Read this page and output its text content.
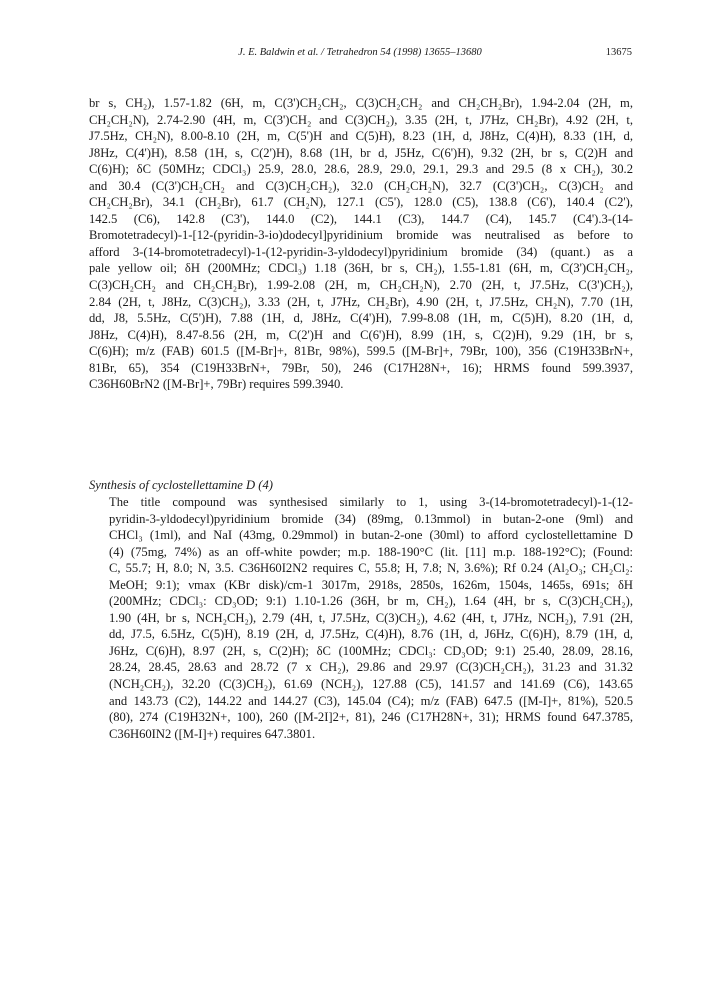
J. E. Baldwin et al. / Tetrahedron 54 (1998) 13655–13680	13675
br s, CH₂), 1.57-1.82 (6H, m, C(3')CH₂CH₂, C(3)CH₂CH₂ and CH₂CH₂Br), 1.94-2.04 (2H, m,
CH₂CH₂N), 2.74-2.90 (4H, m, C(3')CH₂ and C(3)CH₂), 3.35 (2H, t, J7Hz, CH₂Br), 4.92 (2H, t,
J7.5Hz, CH₂N), 8.00-8.10 (2H, m, C(5')H and C(5)H), 8.23 (1H, d, J8Hz, C(4)H), 8.33 (1H, d,
J8Hz, C(4')H), 8.58 (1H, s, C(2')H), 8.68 (1H, br d, J5Hz, C(6')H), 9.32 (2H, br s, C(2)H and
C(6)H); δC (50MHz; CDCl₃) 25.9, 28.0, 28.6, 28.9, 29.0, 29.1, 29.3 and 29.5 (8 x CH₂), 30.2
and 30.4 (C(3')CH₂CH₂ and C(3)CH₂CH₂), 32.0 (CH₂CH₂N), 32.7 (C(3')CH₂, C(3)CH₂ and
CH₂CH₂Br), 34.1 (CH₂Br), 61.7 (CH₂N), 127.1 (C5'), 128.0 (C5), 138.8 (C6'), 140.4 (C2'),
142.5 (C6), 142.8 (C3'), 144.0 (C2), 144.1 (C3), 144.7 (C4), 145.7 (C4').3-(14-
Bromotetradecyl)-1-[12-(pyridin-3-io)dodecyl]pyridinium bromide was neutralised as before to
afford 3-(14-bromotetradecyl)-1-(12-pyridin-3-yldodecyl)pyridinium bromide (34) (quant.) as a
pale yellow oil; δH (200MHz; CDCl₃) 1.18 (36H, br s, CH₂), 1.55-1.81 (6H, m, C(3')CH₂CH₂,
C(3)CH₂CH₂ and CH₂CH₂Br), 1.99-2.08 (2H, m, CH₂CH₂N), 2.70 (2H, t, J7.5Hz, C(3')CH₂),
2.84 (2H, t, J8Hz, C(3)CH₂), 3.33 (2H, t, J7Hz, CH₂Br), 4.90 (2H, t, J7.5Hz, CH₂N), 7.70 (1H,
dd, J8, 5.5Hz, C(5')H), 7.88 (1H, d, J8Hz, C(4')H), 7.99-8.08 (1H, m, C(5)H), 8.20 (1H, d,
J8Hz, C(4)H), 8.47-8.56 (2H, m, C(2')H and C(6')H), 8.99 (1H, s, C(2)H), 9.29 (1H, br s,
C(6)H); m/z (FAB) 601.5 ([M-Br]+, 81Br, 98%), 599.5 ([M-Br]+, 79Br, 100), 356 (C19H33BrN+,
81Br, 65), 354 (C19H33BrN+, 79Br, 50), 246 (C17H28N+, 16); HRMS found 599.3937,
C36H60BrN2 ([M-Br]+, 79Br) requires 599.3940.
Synthesis of cyclostellettamine D (4)
The title compound was synthesised similarly to 1, using 3-(14-bromotetradecyl)-1-(12-
pyridin-3-yldodecyl)pyridinium bromide (34) (89mg, 0.13mmol) in butan-2-one (9ml) and
CHCl₃ (1ml), and NaI (43mg, 0.29mmol) in butan-2-one (30ml) to afford cyclostellettamine D
(4) (75mg, 74%) as an off-white powder; m.p. 188-190°C (lit. [11] m.p. 188-192°C); (Found:
C, 55.7; H, 8.0; N, 3.5. C36H60I2N2 requires C, 55.8; H, 7.8; N, 3.6%); Rf 0.24 (Al₂O₃; CH₂Cl₂:
MeOH; 9:1); νmax (KBr disk)/cm-1 3017m, 2918s, 2850s, 1626m, 1504s, 1465s, 691s; δH
(200MHz; CDCl₃: CD₃OD; 9:1) 1.10-1.26 (36H, br m, CH₂), 1.64 (4H, br s, C(3)CH₂CH₂),
1.90 (4H, br s, NCH₂CH₂), 2.79 (4H, t, J7.5Hz, C(3)CH₂), 4.62 (4H, t, J7Hz, NCH₂), 7.91 (2H,
dd, J7.5, 6.5Hz, C(5)H), 8.19 (2H, d, J7.5Hz, C(4)H), 8.76 (1H, d, J6Hz, C(6)H), 8.79 (1H, d,
J6Hz, C(6)H), 8.97 (2H, s, C(2)H); δC (100MHz; CDCl₃: CD₃OD; 9:1) 25.40, 28.09, 28.16,
28.24, 28.45, 28.63 and 28.72 (7 x CH₂), 29.86 and 29.97 (C(3)CH₂CH₂), 31.23 and 31.32
(NCH₂CH₂), 32.20 (C(3)CH₂), 61.69 (NCH₂), 127.88 (C5), 141.57 and 141.69 (C6), 143.65
and 143.73 (C2), 144.22 and 144.27 (C3), 145.04 (C4); m/z (FAB) 647.5 ([M-I]+, 81%), 520.5
(80), 274 (C19H32N+, 100), 260 ([M-2I]2+, 81), 246 (C17H28N+, 31); HRMS found 647.3785,
C36H60IN2 ([M-I]+) requires 647.3801.
